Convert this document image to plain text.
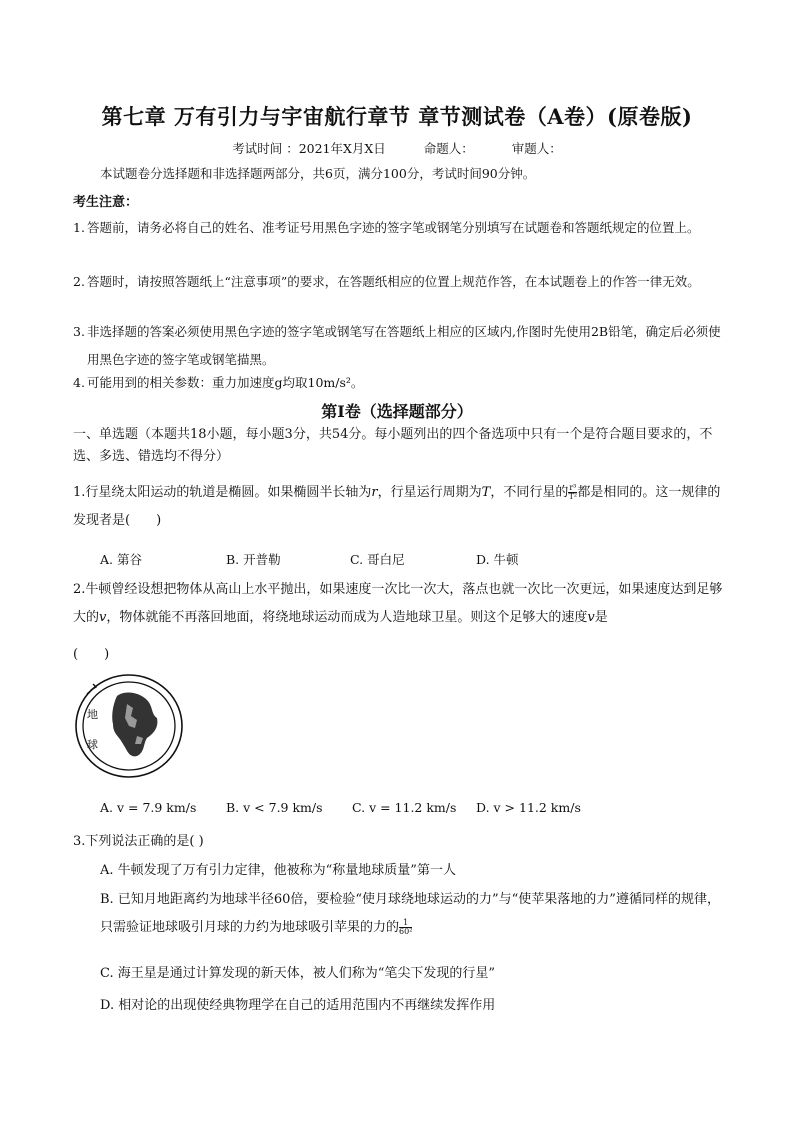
第七章 万有引力与宇宙航行章节 章节测试卷（A卷）(原卷版)
考试时间 ：2021年X月X日	命题人：	审题人：
本试题卷分选择题和非选择题两部分，共6页，满分100分，考试时间90分钟。
考生注意：
1. 答题前，请务必将自己的姓名、准考证号用黑色字迹的签字笔或钢笔分别填写在试题卷和答题纸规定的位置上。
2. 答题时，请按照答题纸上“注意事项”的要求，在答题纸相应的位置上规范作答，在本试题卷上的作答一律无效。
3. 非选择题的答案必须使用黑色字迹的签字笔或钢笔写在答题纸上相应的区域内,作图时先使用2B铅笔，确定后必须使用黑色字迹的签字笔或钢笔描黑。
4. 可能用到的相关参数：重力加速度g均取10m/s²。
第Ⅰ卷（选择题部分）
一、单选题（本题共18小题，每小题3分，共54分。每小题列出的四个备选项中只有一个是符合题目要求的，不选、多选、错选均不得分）
1.行星绕太阳运动的轨道是椭圆。如果椭圆半长轴为r，行星运行周期为T，不同行星的 $\frac{\text{r³}}{\text{T²}}$ 都是相同的。这一规律的发现者是(　　)
A. 第谷	B. 开普勒	C. 哥白尼	D. 牛顿
2.牛顿曾经设想把物体从高山上水平抛出，如果速度一次比一次大，落点也就一次比一次更远，如果速度达到足够大的v，物体就能不再落回地面，将绕地球运动而成为人造地球卫星。则这个足够大的速度v是
(　　)
地
球
A. v = 7.9 km/s B. v < 7.9 km/s C. v = 11.2 km/s D. v > 11.2 km/s
3.下列说法正确的是( )
A. 牛顿发现了万有引力定律，他被称为“称量地球质量”第一人
B. 已知月地距离约为地球半径60倍，要检验“使月球绕地球运动的力”与“使苹果落地的力”遵循同样的规律，只需验证地球吸引月球的力约为地球吸引苹果的力的 $\frac{1}{\text{60²}}$
C. 海王星是通过计算发现的新天体，被人们称为“笔尖下发现的行星”
D. 相对论的出现使经典物理学在自己的适用范围内不再继续发挥作用
